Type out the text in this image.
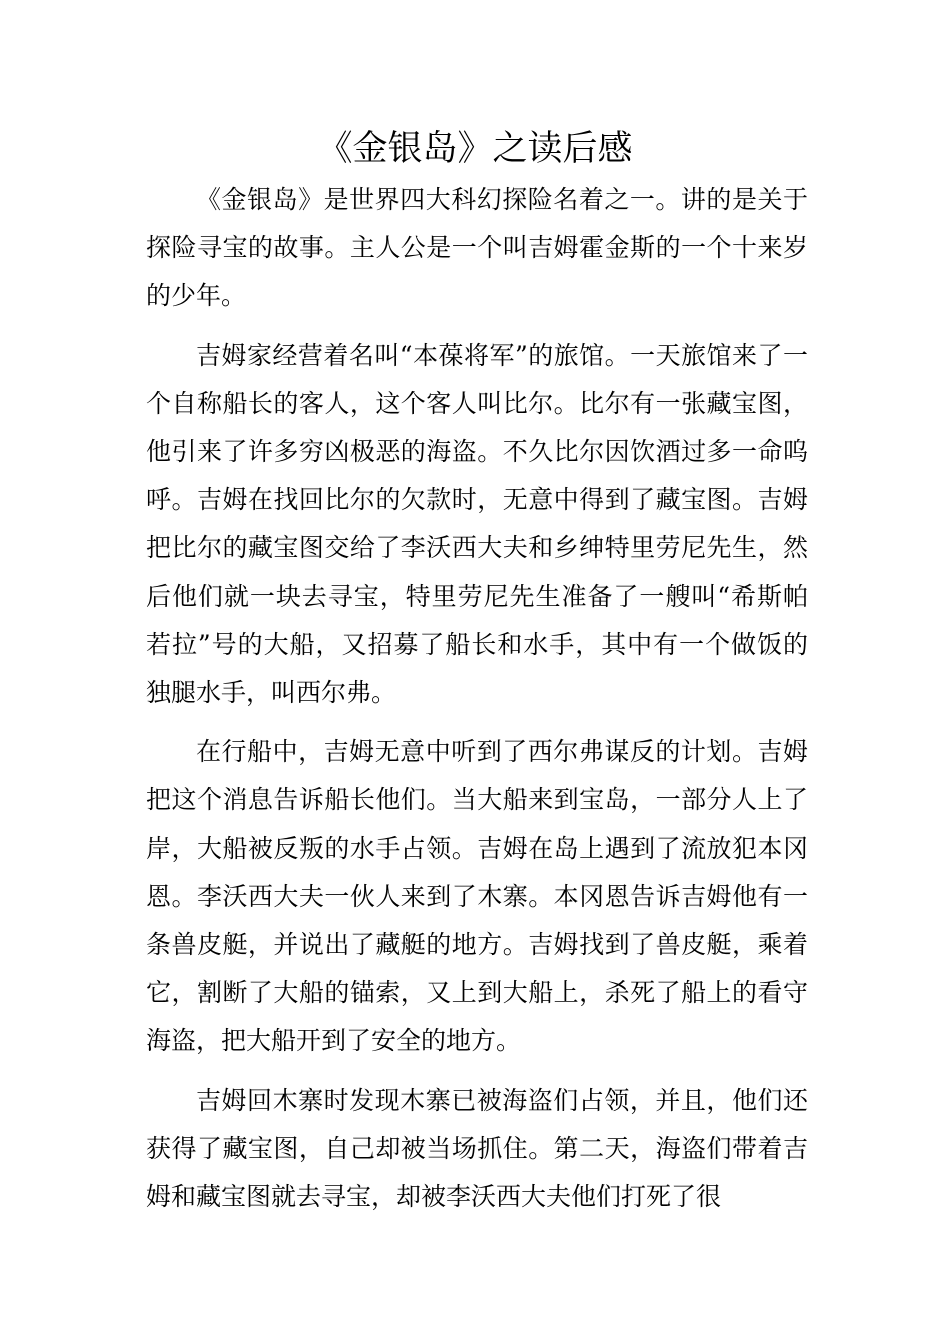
《金银岛》之读后感

《金银岛》是世界四大科幻探险名着之一。讲的是关于探险寻宝的故事。主人公是一个叫吉姆霍金斯的一个十来岁的少年。

吉姆家经营着名叫“本葆将军”的旅馆。一天旅馆来了一个自称船长的客人，这个客人叫比尔。比尔有一张藏宝图，他引来了许多穷凶极恶的海盗。不久比尔因饮酒过多一命呜呼。吉姆在找回比尔的欠款时，无意中得到了藏宝图。吉姆把比尔的藏宝图交给了李沃西大夫和乡绅特里劳尼先生，然后他们就一块去寻宝，特里劳尼先生准备了一艘叫“希斯帕若拉”号的大船，又招募了船长和水手，其中有一个做饭的独腿水手，叫西尔弗。

在行船中，吉姆无意中听到了西尔弗谋反的计划。吉姆把这个消息告诉船长他们。当大船来到宝岛，一部分人上了岸，大船被反叛的水手占领。吉姆在岛上遇到了流放犯本冈恩。李沃西大夫一伙人来到了木寨。本冈恩告诉吉姆他有一条兽皮艇，并说出了藏艇的地方。吉姆找到了兽皮艇，乘着它，割断了大船的锚索，又上到大船上，杀死了船上的看守海盗，把大船开到了安全的地方。

吉姆回木寨时发现木寨已被海盗们占领，并且，他们还获得了藏宝图，自己却被当场抓住。第二天，海盗们带着吉姆和藏宝图就去寻宝，却被李沃西大夫他们打死了很
